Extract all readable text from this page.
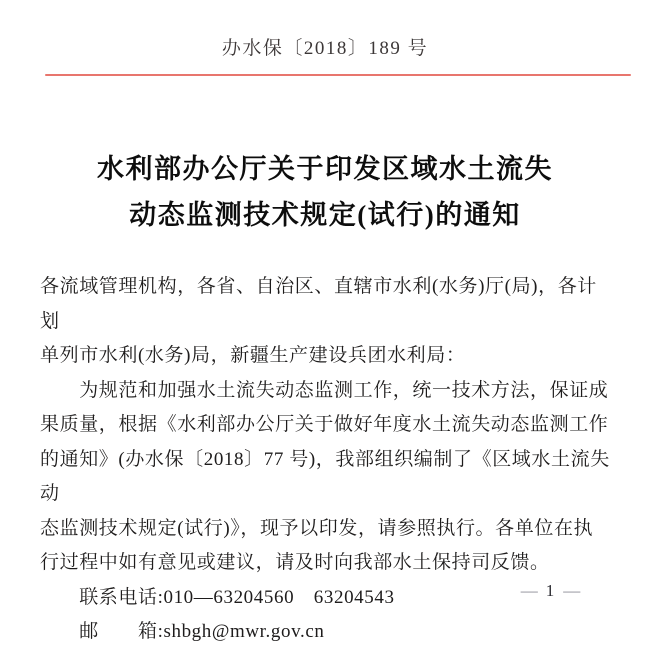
办水保〔2018〕189 号
水利部办公厅关于印发区域水土流失
动态监测技术规定(试行)的通知
各流域管理机构，各省、自治区、直辖市水利(水务)厅(局)，各计划
单列市水利(水务)局，新疆生产建设兵团水利局：
　　为规范和加强水土流失动态监测工作，统一技术方法，保证成
果质量，根据《水利部办公厅关于做好年度水土流失动态监测工作
的通知》(办水保〔2018〕77 号)，我部组织编制了《区域水土流失动
态监测技术规定(试行)》，现予以印发，请参照执行。各单位在执
行过程中如有意见或建议，请及时向我部水土保持司反馈。
　　联系电话:010—63204560　63204543
　　邮　　箱:shbgh@mwr.gov.cn
— 1 —
